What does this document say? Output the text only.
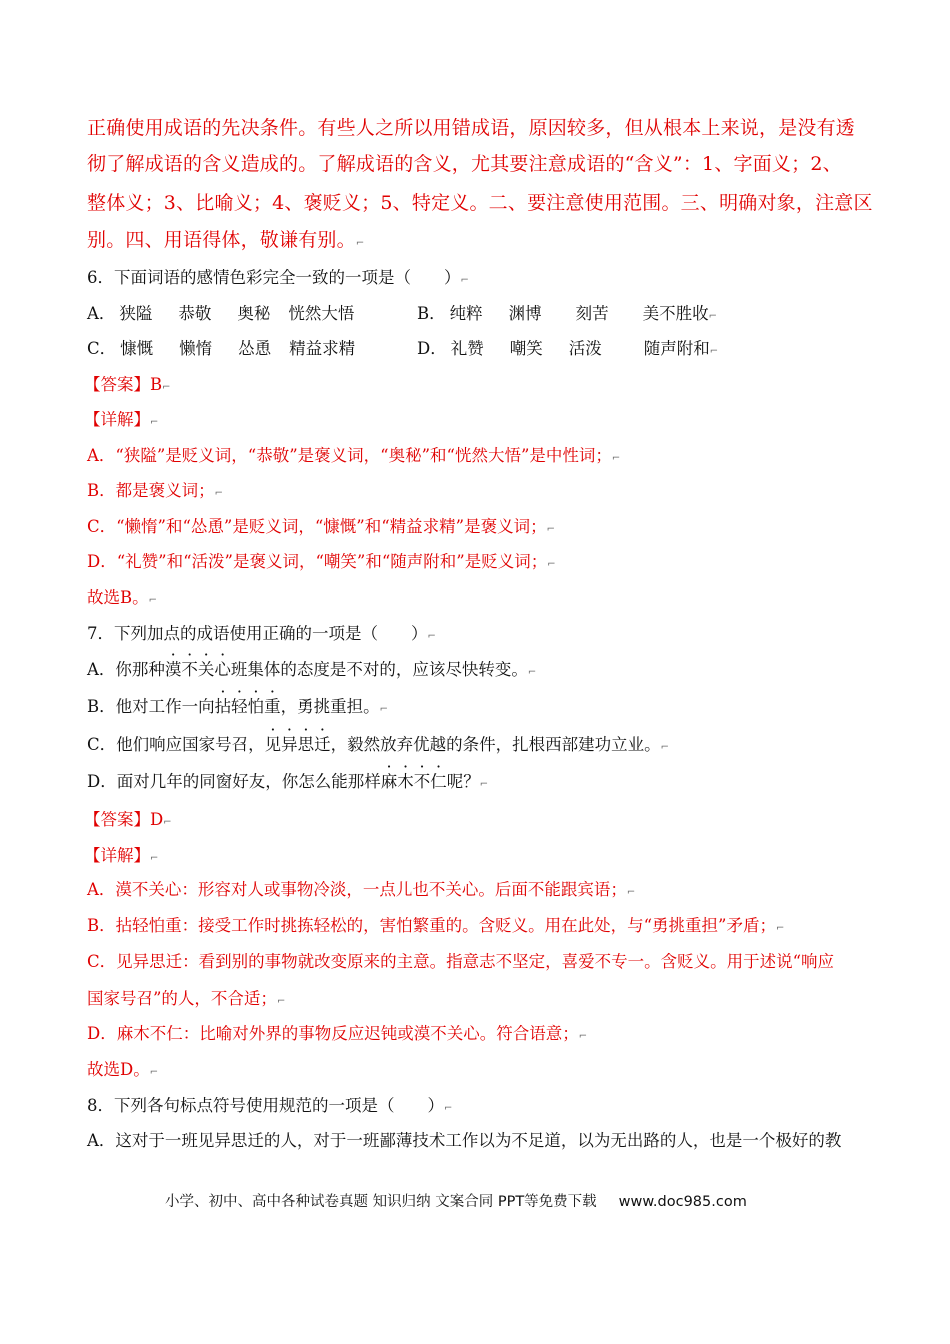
正确使用成语的先决条件。有些人之所以用错成语，原因较多，但从根本上来说，是没有透
彻了解成语的含义造成的。了解成语的含义，尤其要注意成语的“含义”：1、字面义；2、
整体义；3、比喻义；4、褒贬义；5、特定义。二、要注意使用范围。三、明确对象，注意区
别。四、用语得体，敬谦有别。⌐
6．下面词语的感情色彩完全一致的一项是（　　）⌐
A． 狭隘 恭敬 奥秘 恍然大悟	B． 纯粹 渊博 刻苦 美不胜收⌐
C． 慷慨 懒惰 怂恿 精益求精	D． 礼赞 嘲笑 活泼	随声附和⌐
【答案】B⌐
【详解】⌐
A．“狭隘”是贬义词，“恭敬”是褒义词，“奥秘”和“恍然大悟”是中性词；⌐
B．都是褒义词；⌐
C．“懒惰”和“怂恿”是贬义词，“慷慨”和“精益求精”是褒义词；⌐
D．“礼赞”和“活泼”是褒义词，“嘲笑”和“随声附和”是贬义词；⌐
故选B。⌐
7．下列加点的成语使用正确的一项是（　　）⌐
A．你那种漠不关心班集体的态度是不对的，应该尽快转变。⌐
B．他对工作一向拈轻怕重，勇挑重担。⌐
C．他们响应国家号召，见异思迁，毅然放弃优越的条件，扎根西部建功立业。⌐
D．面对几年的同窗好友，你怎么能那样麻木不仁呢？⌐
【答案】D⌐
【详解】⌐
A．漠不关心：形容对人或事物冷淡，一点儿也不关心。后面不能跟宾语；⌐
B．拈轻怕重：接受工作时挑拣轻松的，害怕繁重的。含贬义。用在此处，与“勇挑重担”矛盾；⌐
C．见异思迁：看到别的事物就改变原来的主意。指意志不坚定，喜爱不专一。含贬义。用于述说“响应
国家号召”的人，不合适；⌐
D．麻木不仁：比喻对外界的事物反应迟钝或漠不关心。符合语意；⌐
故选D。⌐
8．下列各句标点符号使用规范的一项是（　　）⌐
A．这对于一班见异思迁的人，对于一班鄙薄技术工作以为不足道，以为无出路的人，也是一个极好的教
小学、初中、高中各种试卷真题 知识归纳 文案合同 PPT等免费下载 www.doc985.com
